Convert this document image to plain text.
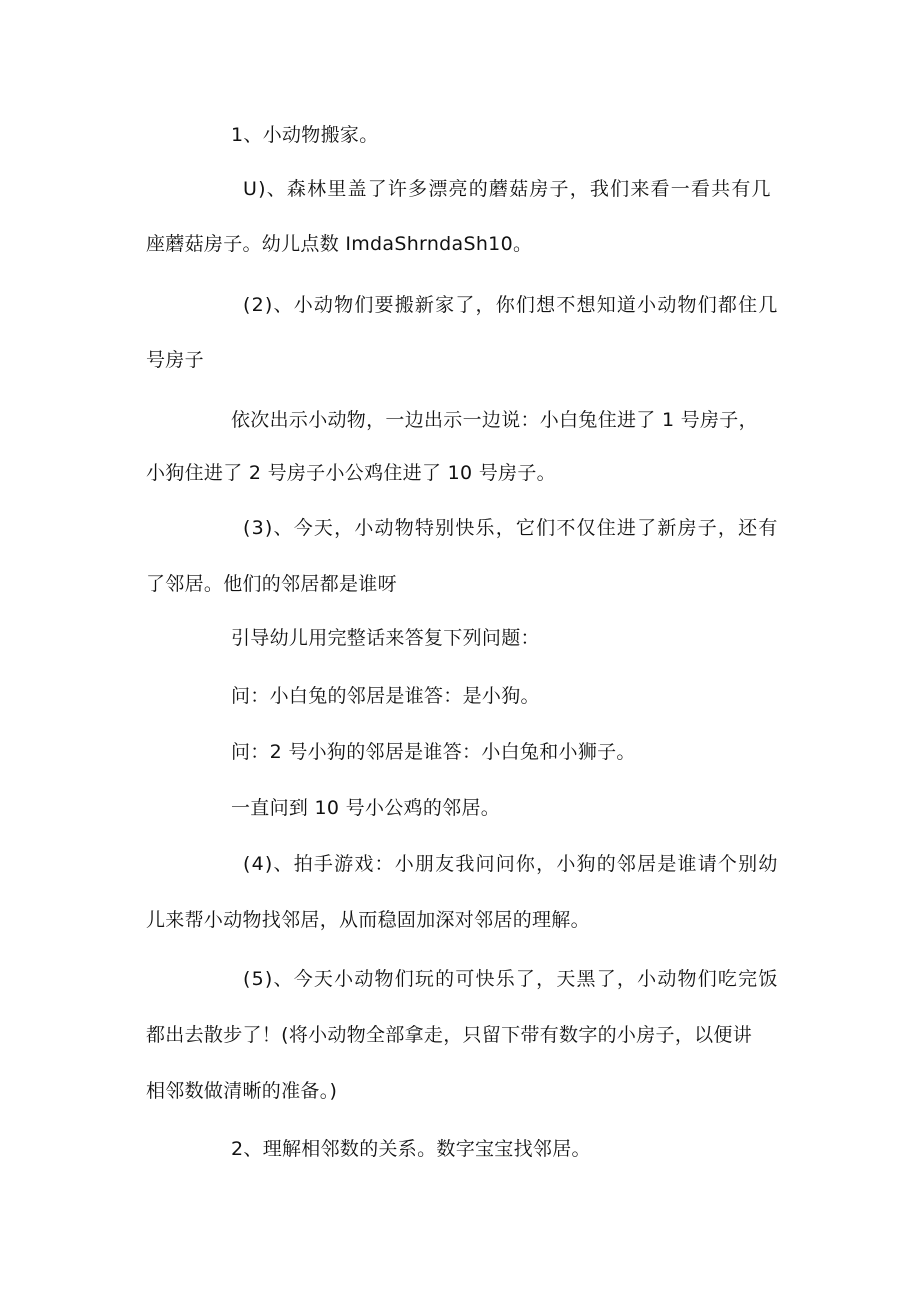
1、小动物搬家。
U)、森林里盖了许多漂亮的蘑菇房子，我们来看一看共有几
座蘑菇房子。幼儿点数 ImdaShrndaSh10。
(2)、小动物们要搬新家了，你们想不想知道小动物们都住几
号房子
依次出示小动物，一边出示一边说：小白兔住进了 1 号房子，
小狗住进了 2 号房子小公鸡住进了 10 号房子。
(3)、今天，小动物特别快乐，它们不仅住进了新房子，还有
了邻居。他们的邻居都是谁呀
引导幼儿用完整话来答复下列问题：
问：小白兔的邻居是谁答：是小狗。
问：2 号小狗的邻居是谁答：小白兔和小狮子。
一直问到 10 号小公鸡的邻居。
(4)、拍手游戏：小朋友我问问你，小狗的邻居是谁请个别幼
儿来帮小动物找邻居，从而稳固加深对邻居的理解。
(5)、今天小动物们玩的可快乐了，天黑了，小动物们吃完饭
都出去散步了！(将小动物全部拿走，只留下带有数字的小房子，以便讲
相邻数做清晰的准备。)
2、理解相邻数的关系。数字宝宝找邻居。
